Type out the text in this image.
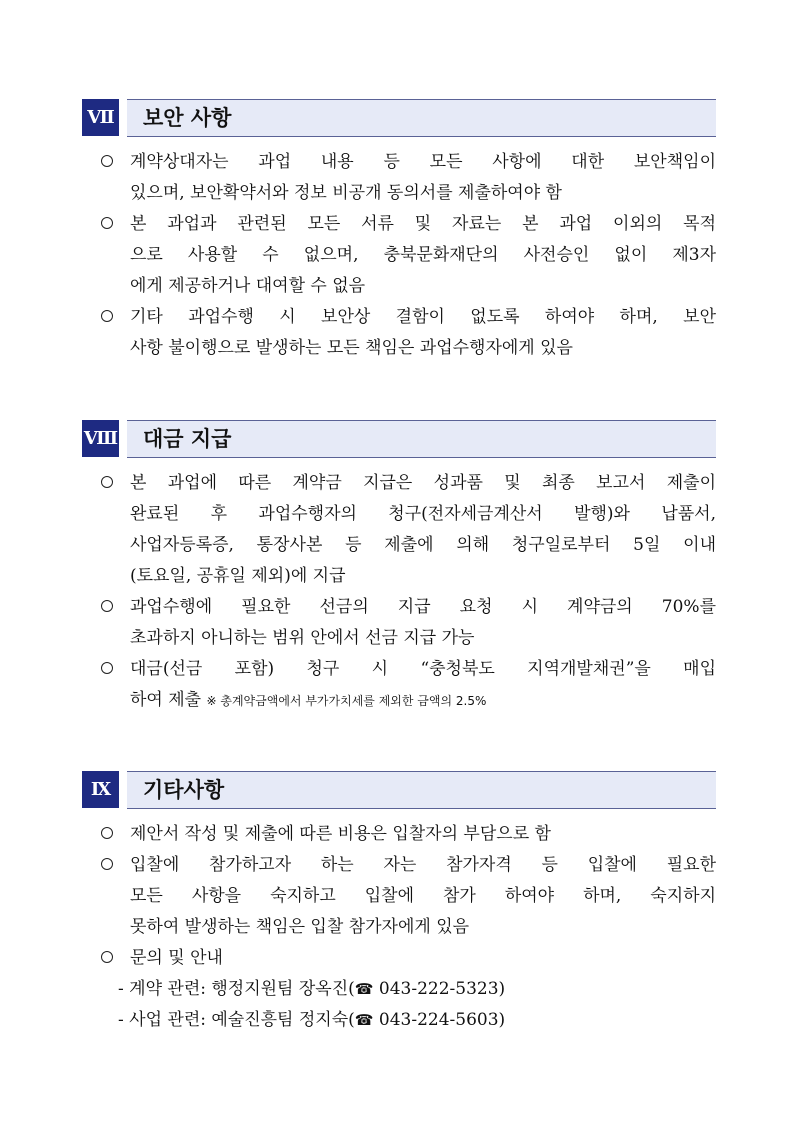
Ⅶ 보안 사항
계약상대자는 과업 내용 등 모든 사항에 대한 보안책임이
있으며, 보안확약서와 정보 비공개 동의서를 제출하여야 함
본 과업과 관련된 모든 서류 및 자료는 본 과업 이외의 목적
으로 사용할 수 없으며, 충북문화재단의 사전승인 없이 제3자
에게 제공하거나 대여할 수 없음
기타 과업수행 시 보안상 결함이 없도록 하여야 하며, 보안
사항 불이행으로 발생하는 모든 책임은 과업수행자에게 있음
Ⅷ 대금 지급
본 과업에 따른 계약금 지급은 성과품 및 최종 보고서 제출이
완료된 후 과업수행자의 청구(전자세금계산서 발행)와 납품서,
사업자등록증, 통장사본 등 제출에 의해 청구일로부터 5일 이내
(토요일, 공휴일 제외)에 지급
과업수행에 필요한 선금의 지급 요청 시 계약금의 70%를
초과하지 아니하는 범위 안에서 선금 지급 가능
대금(선금 포함) 청구 시 “충청북도 지역개발채권”을 매입
하여 제출 ※ 총계약금액에서 부가가치세를 제외한 금액의 2.5%
Ⅸ	기타사항
제안서 작성 및 제출에 따른 비용은 입찰자의 부담으로 함
입찰에 참가하고자 하는 자는 참가자격 등 입찰에 필요한
모든 사항을 숙지하고 입찰에 참가 하여야 하며, 숙지하지
못하여 발생하는 책임은 입찰 참가자에게 있음
문의 및 안내
- 계약 관련: 행정지원팀 장옥진(☎ 043-222-5323)
- 사업 관련: 예술진흥팀 정지숙(☎ 043-224-5603)
